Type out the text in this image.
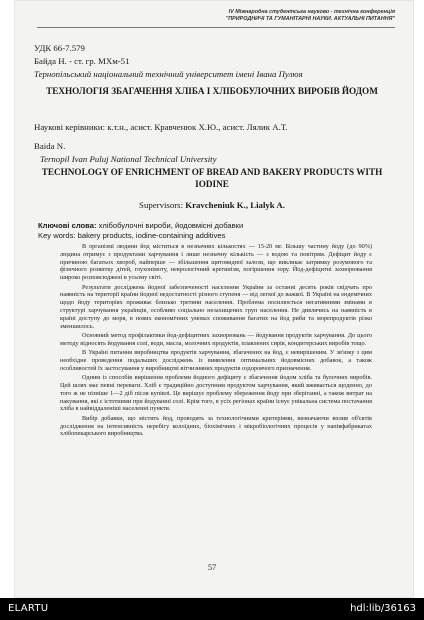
IV Міжнародна студентська науково - технічна конференція
"ПРИРОДНИЧІ ТА ГУМАНІТАРНІ НАУКИ. АКТУАЛЬНІ ПИТАННЯ"
УДК 66-7.579
Байда Н. - ст. гр. МХм-51
Тернопільський національний технічний університет імені Івана Пулюя
ТЕХНОЛОГІЯ ЗБАГАЧЕННЯ ХЛІБА І ХЛІБОБУЛОЧНИХ ВИРОБІВ ЙОДОМ
Наукові керівники: к.т.н., асист. Кравченюк Х.Ю., асист. Лялик А.Т.
Baida N.
Ternopil Ivan Puluj National Technical University
TECHNOLOGY OF ENRICHMENT OF BREAD AND BAKERY PRODUCTS WITH IODINE
Supervisors: Kravcheniuk K., Lialyk A.
Ключові слова: хлібобулочні вироби, йодовмісні добавки
Key words: bakery products, iodine-containing additives

В організмі людини йод міститься в незначних кількостях — 15-20 мг. Більшу частину йоду (до 90%) людина отримує з продуктами харчування і лише незначну кількість — з водою та повітрям. Дефіцит йоду є причиною багатьох хвороб, найперше — збільшення щитовидної залози, що викликає затримку розумового та фізичного розвитку дітей, глухонімоту, неврологічний кретинізм, погіршення зору. Йод-дефіцитні захворювання широко розповсюджені в усьому світі.

Результати досліджень йодної забезпеченості населення України за останні десять років свідчать про наявність на території країни йодної недостатності різного ступеня — від легкої до важкої. В Україні на ендемічних щодо йоду територіях проживає близько третини населення. Проблема посилюється негативними змінами в структурі харчування українців, особливо соціально незахищених груп населення. Не дивлячись на наявність в країні доступу до моря, в нових економічних умовах споживання багатих на йод риби та морепродуктів різко зменшилось.

Основний метод профілактики йод-дефіцитних захворювань — йодування продуктів харчування. До цього методу відносять йодування солі, води, масла, молочних продуктів, плавлених сирів, кондитерських виробів тощо.

В Україні питання виробництва продуктів харчування, збагачених на йод, є невирішеним. У зв'язку з цим необхідне проведення подальших досліджень із виявлення оптимальних йодовмісних добавок, а також особливостей їх застосування у виробництві вітчизняних продуктів оздоровчого призначення.

Одним із способів вирішення проблеми йодного дефіциту є збагачення йодом хліба та булочних виробів. Цей шлях має певні переваги. Хліб є традиційно доступним продуктом харчування, який вживається щоденно, до того ж не пізніше 1—2 діб після купівлі. Це вирішує проблему збереження йоду при зберіганні, а також витрат на пакування, які є істотними при йодуванні солі. Крім того, в усіх регіонах країни існує унікальна система постачання хліба в найвіддаленіші населенні пункти.

Вибір добавки, що містить йод, проводять за технологічними критеріями, визначаючи вплив об'єктів дослідження на інтенсивність перебігу колоїдних, біохімічних і мікробіологічних процесів у напівфабрикатах хлібопекарського виробництва.

57
ELARTU	hdl:lib/36163
